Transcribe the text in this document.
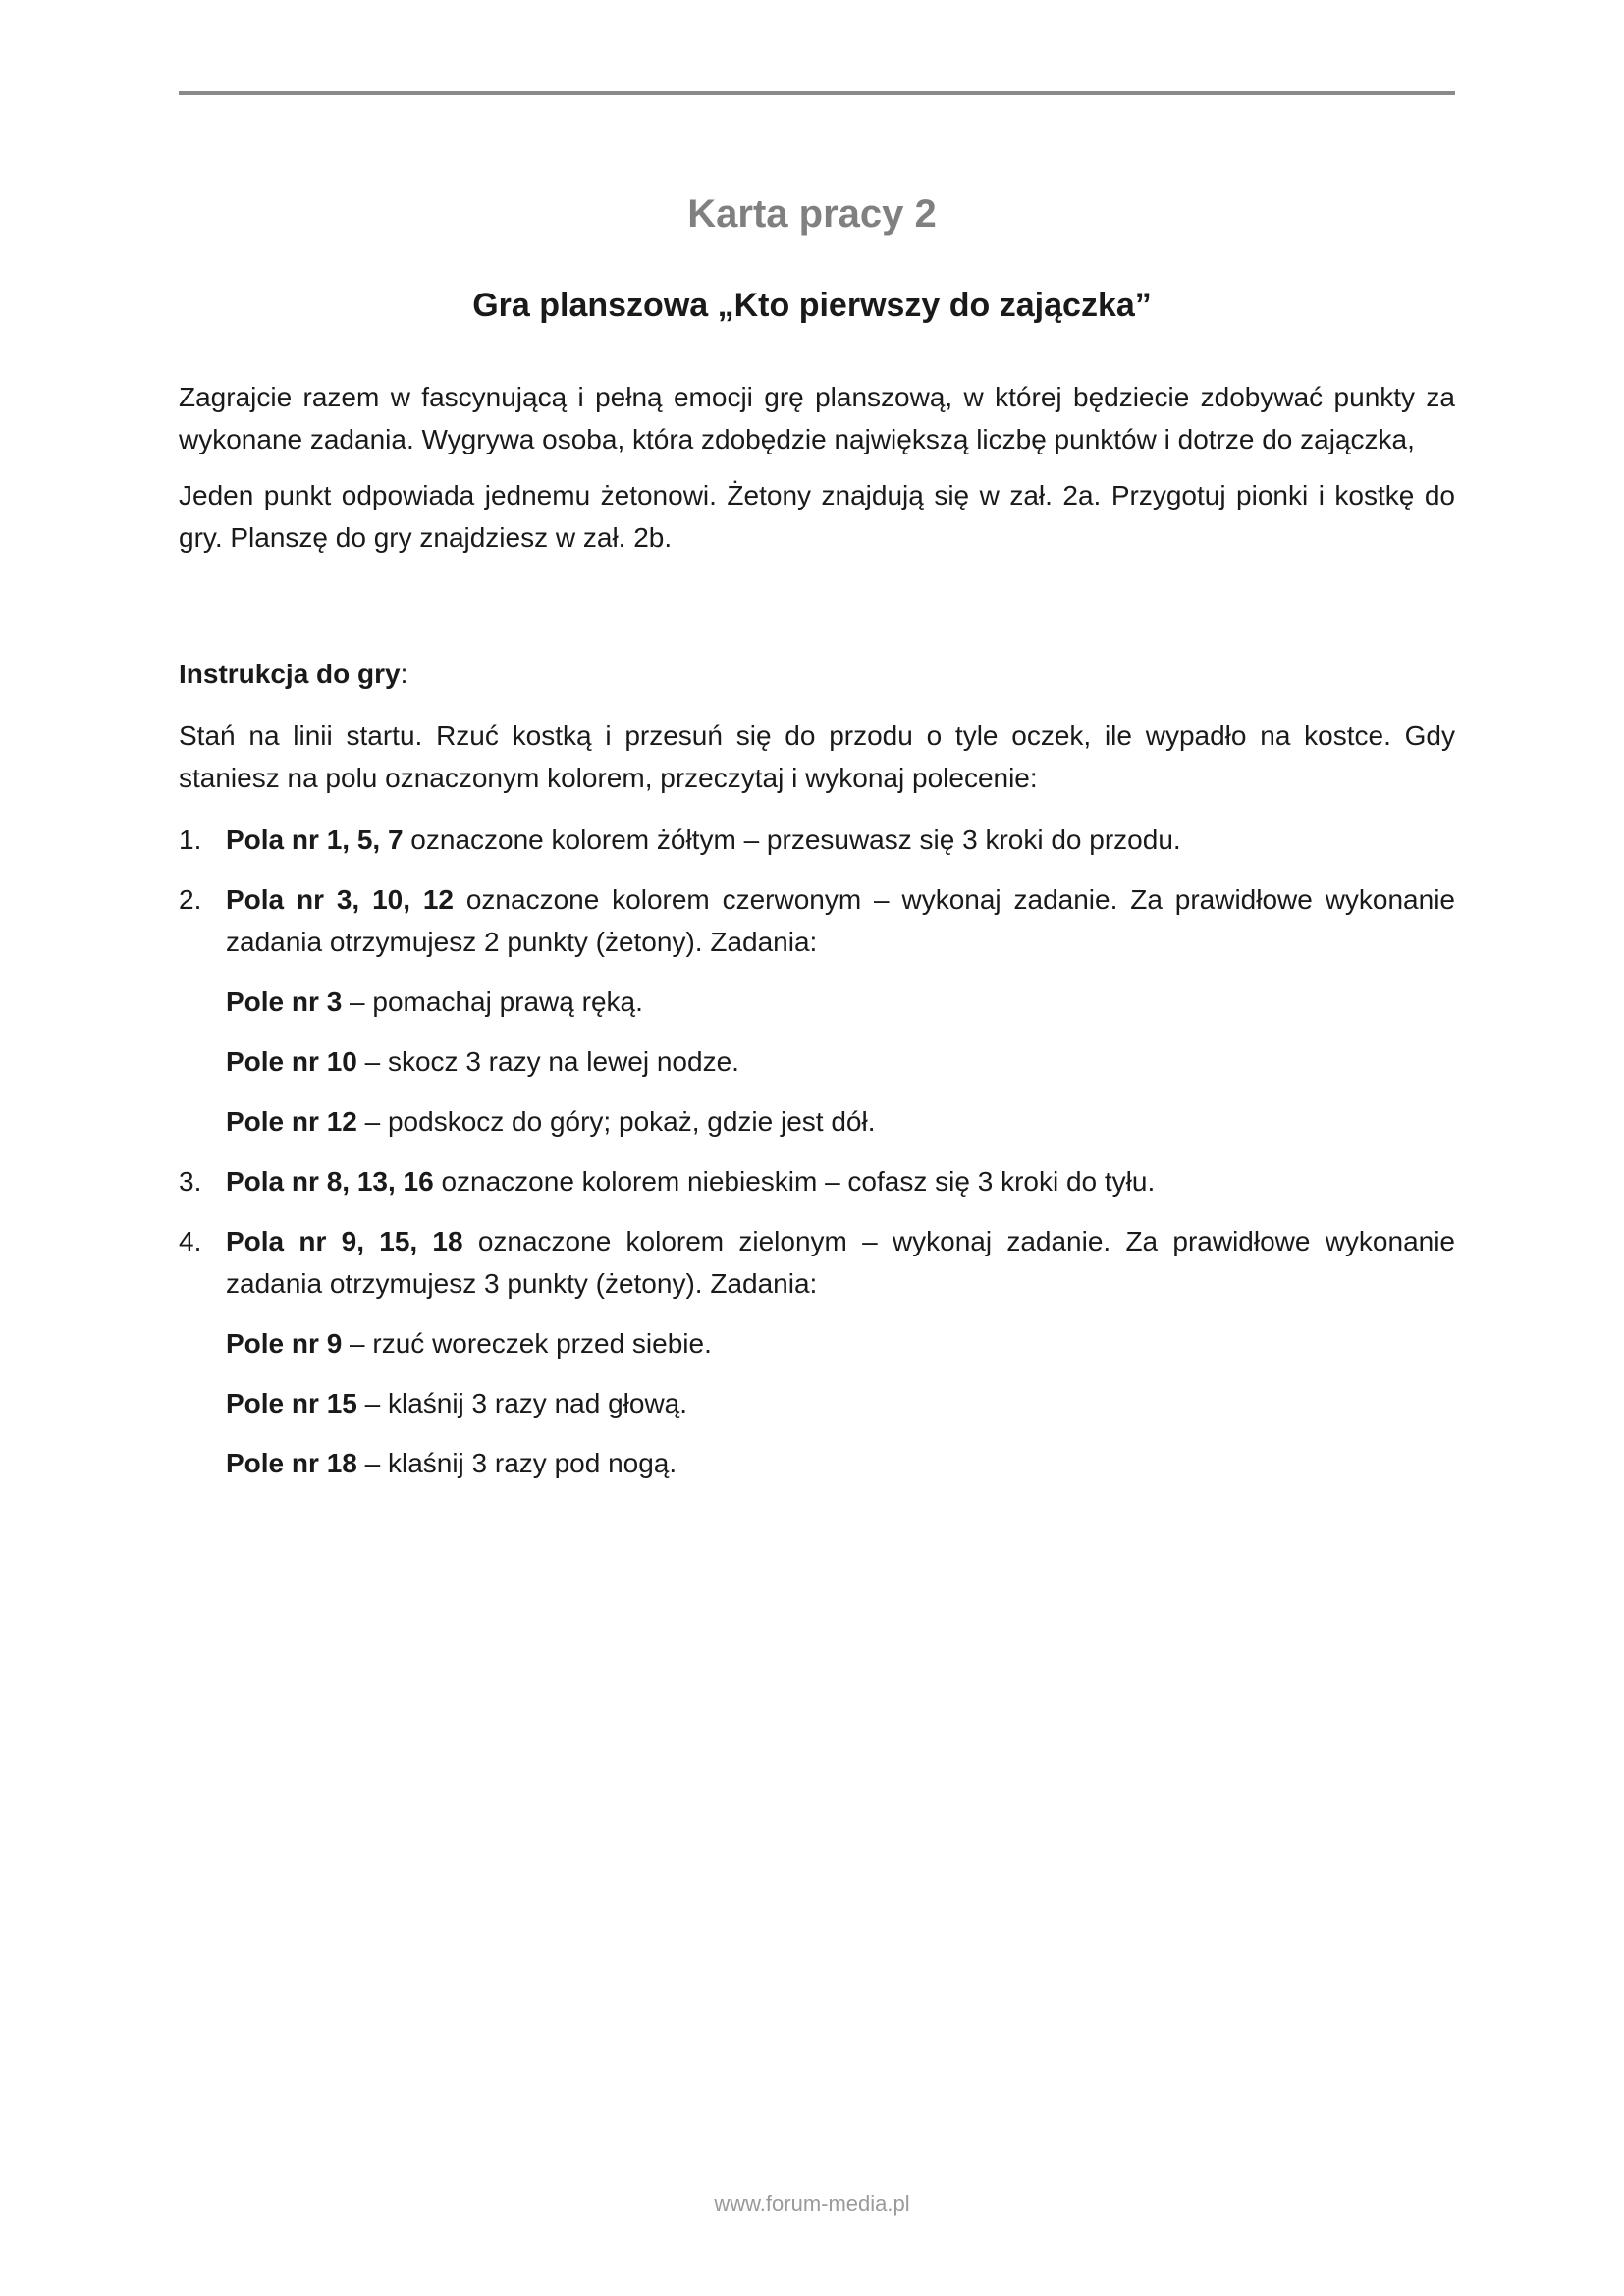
Karta pracy 2
Gra planszowa „Kto pierwszy do zajączka”

Zagrajcie razem w fascynującą i pełną emocji grę planszową, w której będziecie zdobywać punkty za wykonane zadania. Wygrywa osoba, która zdobędzie największą liczbę punktów i dotrze do zajączka,

Jeden punkt odpowiada jednemu żetonowi. Żetony znajdują się w zał. 2a. Przygotuj pionki i kostkę do gry. Planszę do gry znajdziesz w zał. 2b.

Instrukcja do gry:

Stań na linii startu. Rzuć kostką i przesuń się do przodu o tyle oczek, ile wypadło na kostce. Gdy staniesz na polu oznaczonym kolorem, przeczytaj i wykonaj polecenie:

1. Pola nr 1, 5, 7 oznaczone kolorem żółtym – przesuwasz się 3 kroki do przodu.
2. Pola nr 3, 10, 12 oznaczone kolorem czerwonym – wykonaj zadanie. Za prawidłowe wykonanie zadania otrzymujesz 2 punkty (żetony). Zadania:
Pole nr 3 – pomachaj prawą ręką.
Pole nr 10 – skocz 3 razy na lewej nodze.
Pole nr 12 – podskocz do góry; pokaż, gdzie jest dół.
3. Pola nr 8, 13, 16 oznaczone kolorem niebieskim – cofasz się 3 kroki do tyłu.
4. Pola nr 9, 15, 18 oznaczone kolorem zielonym – wykonaj zadanie. Za prawidłowe wykonanie zadania otrzymujesz 3 punkty (żetony). Zadania:
Pole nr 9 – rzuć woreczek przed siebie.
Pole nr 15 – klaśnij 3 razy nad głową.
Pole nr 18 – klaśnij 3 razy pod nogą.
www.forum-media.pl
